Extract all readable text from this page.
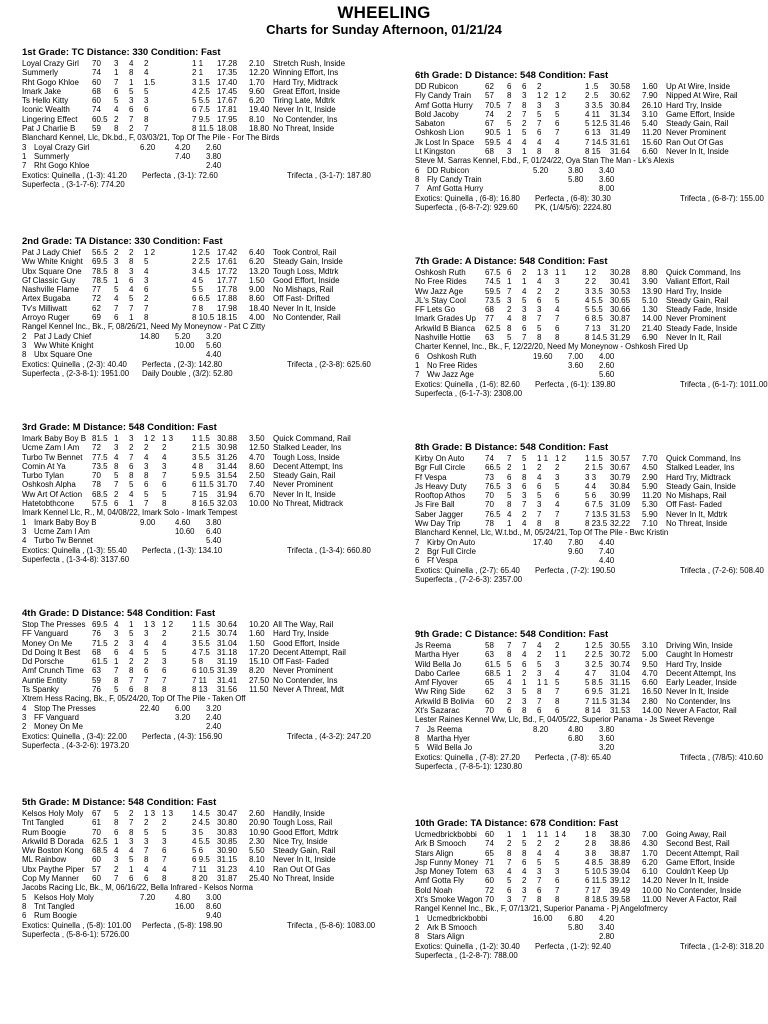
WHEELING
Charts for Sunday Afternoon, 01/21/24
1st Grade: TC Distance: 330 Condition: Fast
Loyal Crazy Girl 70 3 4 2	1 1 17.28 2.10 Stretch Rush, Inside
Summerly	74 1 8 4	2 1 17.35 12.20 Winning Effort, Ins
Rht Gogo Khloe 60 7 1 1.5	3 1.5 17.40 1.70 Hard Try, Midtrack
Imark Jake	68 6 5 5	4 2.5 17.45 9.60 Great Effort, Inside
Ts Hello Kitty	60 5 3 3	5 5.5 17.67 6.20 Tiring Late, Mdtrk
Iconic Wealth	74 4 6 6	6 7.5 17.81 19.40 Never In It, Inside
Lingering Effect 60.5 2 7 8	7 9.5 17.95 8.10 No Contender, Ins
Pat J Charlie B 59 8 2 7	8 11.5 18.08 18.80 No Threat, Inside
Blanchard Kennel, Llc, Dk.bd., F, 03/03/21, Top Of The Pile - For The Birds
3 Loyal Crazy Girl	6.20	4.20 2.60
1 Summerly	7.40 3.80
7 Rht Gogo Khloe	2.40
Exotics: Quinella , (1-3): 41.20 Perfecta , (3-1): 72.60	Trifecta , (3-1-7): 187.80
Superfecta , (3-1-7-6): 774.20
2nd Grade: TA Distance: 330 Condition: Fast
Pat J Lady Chief 56.5 2 2 1 2	1 2.5 17.42 6.40 Took Control, Rail
Ww White Knight 69.5 3 8 5	2 2.5 17.61 6.20 Steady Gain, Inside
Ubx Square One 78.5 8 3 4	3 4.5 17.72 13.20 Tough Loss, Mdtrk
Gf Classic Guy 78.5 1 6 3	4 5 17.77 1.50 Good Effort, Inside
Nashville Flame 77 5 4 6	5 5 17.78 9.00 No Mishaps, Rail
Artex Bugaba	72 4 5 2	6 6.5 17.88 8.60 Off Fast- Drifted
Tv's Milliwatt	62 7 7 7	7 8 17.98 18.40 Never In It, Inside
Arroyo Ruger	69 6 1 8	8 10.5 18.15 4.00 No Contender, Rail
Rangel Kennel Inc., Bk., F, 08/26/21, Need My Moneynow - Pat C Zitty
2 Pat J Lady Chief	14.80 5.20 3.20
3 Ww White Knight	10.00 5.60
8 Ubx Square One	4.40
Exotics: Quinella , (2-3): 40.40 Perfecta , (2-3): 142.80	Trifecta , (2-3-8): 625.60
Superfecta , (2-3-8-1): 1951.00 Daily Double , (3/2): 52.80
3rd Grade: M Distance: 548 Condition: Fast
Imark Baby Boy B 81.5 1 3 1 2 1 3 1 1.5 30.88 3.50 Quick Command, Rail
Ucme Zam I Am 72 3 2 2 2	2 1.5 30.98 12.50 Stalked Leader, Ins
Turbo Tw Bennet 77.5 4 7 4 4	3 5.5 31.26 4.70 Tough Loss, Inside
Comin At Ya	73.5 8 6 3 3	4 8 31.44 8.60 Decent Attempt, Ins
Turbo Tylan	70 5 8 8 7	5 9.5 31.54 2.50 Steady Gain, Rail
Oshkosh Alpha 78 7 5 6 6	6 11.5 31.70 7.40 Never Prominent
Ww Art Of Action 68.5 2 4 5 5	7 15 31.94 6.70 Never In It, Inside
Hatetobthcone 57.5 6 1 7 8	8 16.5 32.03 10.00 No Threat, Midtrack
Imark Kennel Llc, R., M, 04/08/22, Imark Solo - Imark Tempest
1 Imark Baby Boy B	9.00	4.60 3.80
3 Ucme Zam I Am	10.60 6.40
4 Turbo Tw Bennet	5.40
Exotics: Quinella , (1-3): 55.40 Perfecta , (1-3): 134.10	Trifecta , (1-3-4): 660.80
Superfecta , (1-3-4-8): 3137.60
4th Grade: D Distance: 548 Condition: Fast
Stop The Presses 69.5 4 1 1 3 1 2 1 1.5 30.64 10.20 All The Way, Rail
FF Vanguard	76 3 5 3 2	2 1.5 30.74 1.60 Hard Try, Inside
Money On Me 71.5 2 3 4 4	3 5.5 31.04 1.50 Good Effort, Inside
Dd Doing It Best 68 6 4 5 5	4 7.5 31.18 17.20 Decent Attempt, Rail
Dd Porsche	61.5 1 2 2 3	5 8 31.19 15.10 Off Fast- Faded
Amf Crunch Time 63 7 8 6 6	6 10.5 31.39 8.20 Never Prominent
Auntie Entity	59 8 7 7 7	7 11 31.41 27.50 No Contender, Ins
Ts Spanky	76 5 6 8 8	8 13 31.56 11.50 Never A Threat, Mdt
Xtrem Hess Racing, Bk., F, 05/24/20, Top Of The Pile - Taken Off
4 Stop The Presses	22.40 6.00 3.20
3 FF Vanguard	3.20 2.40
2 Money On Me	2.40
Exotics: Quinella , (3-4): 22.00 Perfecta , (4-3): 156.90	Trifecta , (4-3-2): 247.20
Superfecta , (4-3-2-6): 1973.20
5th Grade: M Distance: 548 Condition: Fast
Kelsos Holy Moly 67 5 2 1 3 1 3 1 4.5 30.47 2.60 Handily, Inside
Tnt Tangled	61 8 7 2 2	2 4.5 30.80 20.90 Tough Loss, Rail
Rum Boogie	70 6 8 5 5	3 5 30.83 10.90 Good Effort, Mdtrk
Arkwild B Dorada 62.5 1 3 3 3	4 5.5 30.85 2.30 Nice Try, Inside
Ww Boston Kong 68.5 4 4 7 6	5 6 30.90 5.50 Steady Gain, Rail
ML Rainbow	60 3 5 8 7	6 9.5 31.15 8.10 Never In It, Inside
Ubx Paythe Piper 57 2 1 4 4	7 11 31.23 4.10 Ran Out Of Gas
Cop My Manner 60 7 6 6 8	8 20 31.87 25.40 No Threat, Inside
Jacobs Racing Llc, Bk., M, 06/16/22, Bella Infrared - Kelsos Norma
5 Kelsos Holy Moly	7.20	4.80 3.00
8 Tnt Tangled	16.00 8.60
6 Rum Boogie	9.40
Exotics: Quinella , (5-8): 101.00 Perfecta , (5-8): 198.90	Trifecta , (5-8-6): 1083.00
Superfecta , (5-8-6-1): 5726.00
6th Grade: D Distance: 548 Condition: Fast
DD Rubicon	62 6 6 2	1 .5 30.58 1.60 Up At Wire, Inside
Fly Candy Train 57 8 3 1 2 1 2 2 .5 30.62 7.90 Nipped At Wire, Rail
Amf Gotta Hurry 70.5 7 8 3 3	3 3.5 30.84 26.10 Hard Try, Inside
Bold Jacoby	74 2 7 5 5	4 11 31.34 3.10 Game Effort, Inside
Sabaton	67 5 2 7 6	5 12.5 31.46 5.40 Steady Gain, Rail
Oshkosh Lion	90.5 1 5 6 7	6 13 31.49 11.20 Never Prominent
Jk Lost In Space 59.5 4 4 4 4	7 14.5 31.61 15.60 Ran Out Of Gas
Lt Kingston	68 3 1 8 8	8 15 31.64 6.60 Never In It, Inside
Steve M. Sarras Kennel, F.bd., F, 01/24/22, Oya Stan The Man - Lk's Alexis
6 DD Rubicon	5.20	3.80 3.40
8 Fly Candy Train	5.80 3.60
7 Amf Gotta Hurry	8.00
Exotics: Quinella , (6-8): 16.80 Perfecta , (6-8): 30.30	Trifecta , (6-8-7): 155.00
Superfecta , (6-8-7-2): 929.60 PK, (1/4/5/6): 2224.80
7th Grade: A Distance: 548 Condition: Fast
Oshkosh Ruth 67.5 6 2 1 3 1 1 1 2 30.28 8.80 Quick Command, Ins
No Free Rides 74.5 1 1 4 3	2 2 30.41 3.90 Valiant Effort, Rail
Ww Jazz Age	59.5 7 4 2 2	3 3.5 30.53 13.90 Hard Try, Inside
JL's Stay Cool 73.5 3 5 6 5	4 5.5 30.65 5.10 Steady Gain, Rail
FF Lets Go	68 2 3 3 4	5 5.5 30.66 1.30 Steady Fade, Inside
Imark Grades Up 77 4 8 7 7	6 8.5 30.87 14.00 Never Prominent
Arkwild B Bianca 62.5 8 6 5 6	7 13 31.20 21.40 Steady Fade, Inside
Nashville Hottie 63 5 7 8 8	8 14.5 31.29 6.90 Never In It, Rail
Charter Kennel, Inc., Bk., F, 12/22/20, Need My Moneynow - Oshkosh Fired Up
6 Oshkosh Ruth	19.60 7.00 4.00
1 No Free Rides	3.60 2.60
7 Ww Jazz Age	5.60
Exotics: Quinella , (1-6): 82.60 Perfecta , (6-1): 139.80	Trifecta , (6-1-7): 1011.00
Superfecta , (6-1-7-3): 2308.00
8th Grade: B Distance: 548 Condition: Fast
Kirby On Auto	74 7 5 1 1 1 2 1 1.5 30.57 7.70 Quick Command, Ins
Bgr Full Circle 66.5 2 1 2 2	2 1.5 30.67 4.50 Stalked Leader, Ins
Ff Vespa	73 6 8 4 3	3 3 30.79 2.90 Hard Try, Midtrack
Js Heavy Duty 76.5 3 6 6 5	4 4 30.84 5.90 Steady Gain, Inside
Rooftop Athos 70 5 3 5 6	5 6 30.99 11.20 No Mishaps, Rail
Js Fire Ball	70 8 7 3 4	6 7.5 31.09 5.30 Off Fast- Faded
Saber Jagger	76.5 4 2 7 7	7 13.5 31.53 5.90 Never In It, Mdtrk
Ww Day Trip	78 1 4 8 8	8 23.5 32.22 7.10 No Threat, Inside
Blanchard Kennel, Llc, W.t.bd., M, 05/24/21, Top Of The Pile - Bwc Kristin
7 Kirby On Auto	17.40 7.80 4.40
2 Bgr Full Circle	9.60 7.40
6 Ff Vespa	4.40
Exotics: Quinella , (2-7): 65.40 Perfecta , (7-2): 190.50	Trifecta , (7-2-6): 508.40
Superfecta , (7-2-6-3): 2357.00
9th Grade: C Distance: 548 Condition: Fast
Js Reema	58 7 7 4 2	1 2.5 30.55 3.10 Driving Win, Inside
Martha Hyer	63 8 4 2 1 1 2 2.5 30.72 5.00 Caught In Homestr
Wild Bella Jo	61.5 5 6 5 3	3 2.5 30.74 9.50 Hard Try, Inside
Dabo Carlee	68.5 1 2 3 4	4 7 31.04 4.70 Decent Attempt, Ins
Amf Flyover	65 4 1 1 1 5	5 8.5 31.15 6.60 Early Leader, Inside
Ww Ring Side 62 3 5 8 7	6 9.5 31.21 16.50 Never In It, Inside
Arkwild B Bolivia 60 2 3 7 8	7 11.5 31.34 2.80 No Contender, Ins
Xt's Sazarac	70 6 8 6 6	8 14 31.53 14.00 Never A Factor, Rail
Lester Raines Kennel Ww, Llc, Bd., F, 04/05/22, Superior Panama - Js Sweet Revenge
7 Js Reema	8.20	4.80 3.80
8 Martha Hyer	6.80 3.60
5 Wild Bella Jo	3.20
Exotics: Quinella , (7-8): 27.20 Perfecta , (7-8): 65.40	Trifecta , (7/8/5): 410.60
Superfecta , (7-8-5-1): 1230.80
10th Grade: TA Distance: 678 Condition: Fast
Ucmedbrickbobbi 60 1 1 1 1 1 4 1 8 38.30 7.00 Going Away, Rail
Ark B Smooch 74 2 5 2 2	2 8 38.86 4.30 Second Best, Rail
Stars Align	65 8 8 4 4	3 8 38.87 1.70 Decent Attempt, Rail
Jsp Funny Money 71 7 6 5 5	4 8.5 38.89 6.20 Game Effort, Inside
Jsp Money Totem 63 4 4 3 3	5 10.5 39.04 6.10 Couldn't Keep Up
Amf Gotta Fly	60 5 2 7 6	6 11.5 39.12 14.20 Never In It, Inside
Bold Noah	72 6 3 6 7	7 17 39.49 10.00 No Contender, Inside
Xt's Smoke Wagon 70 3 7 8 8	8 18.5 39.58 11.00 Never A Factor, Rail
Rangel Kennel Inc., Bk., F, 07/13/21, Superior Panama - Pj Angelofmercy
1 Ucmedbrickbobbi	16.00 6.80 4.20
2 Ark B Smooch	5.80 3.40
8 Stars Align	2.80
Exotics: Quinella , (1-2): 30.40 Perfecta , (1-2): 92.40	Trifecta , (1-2-8): 318.20
Superfecta , (1-2-8-7): 788.00
